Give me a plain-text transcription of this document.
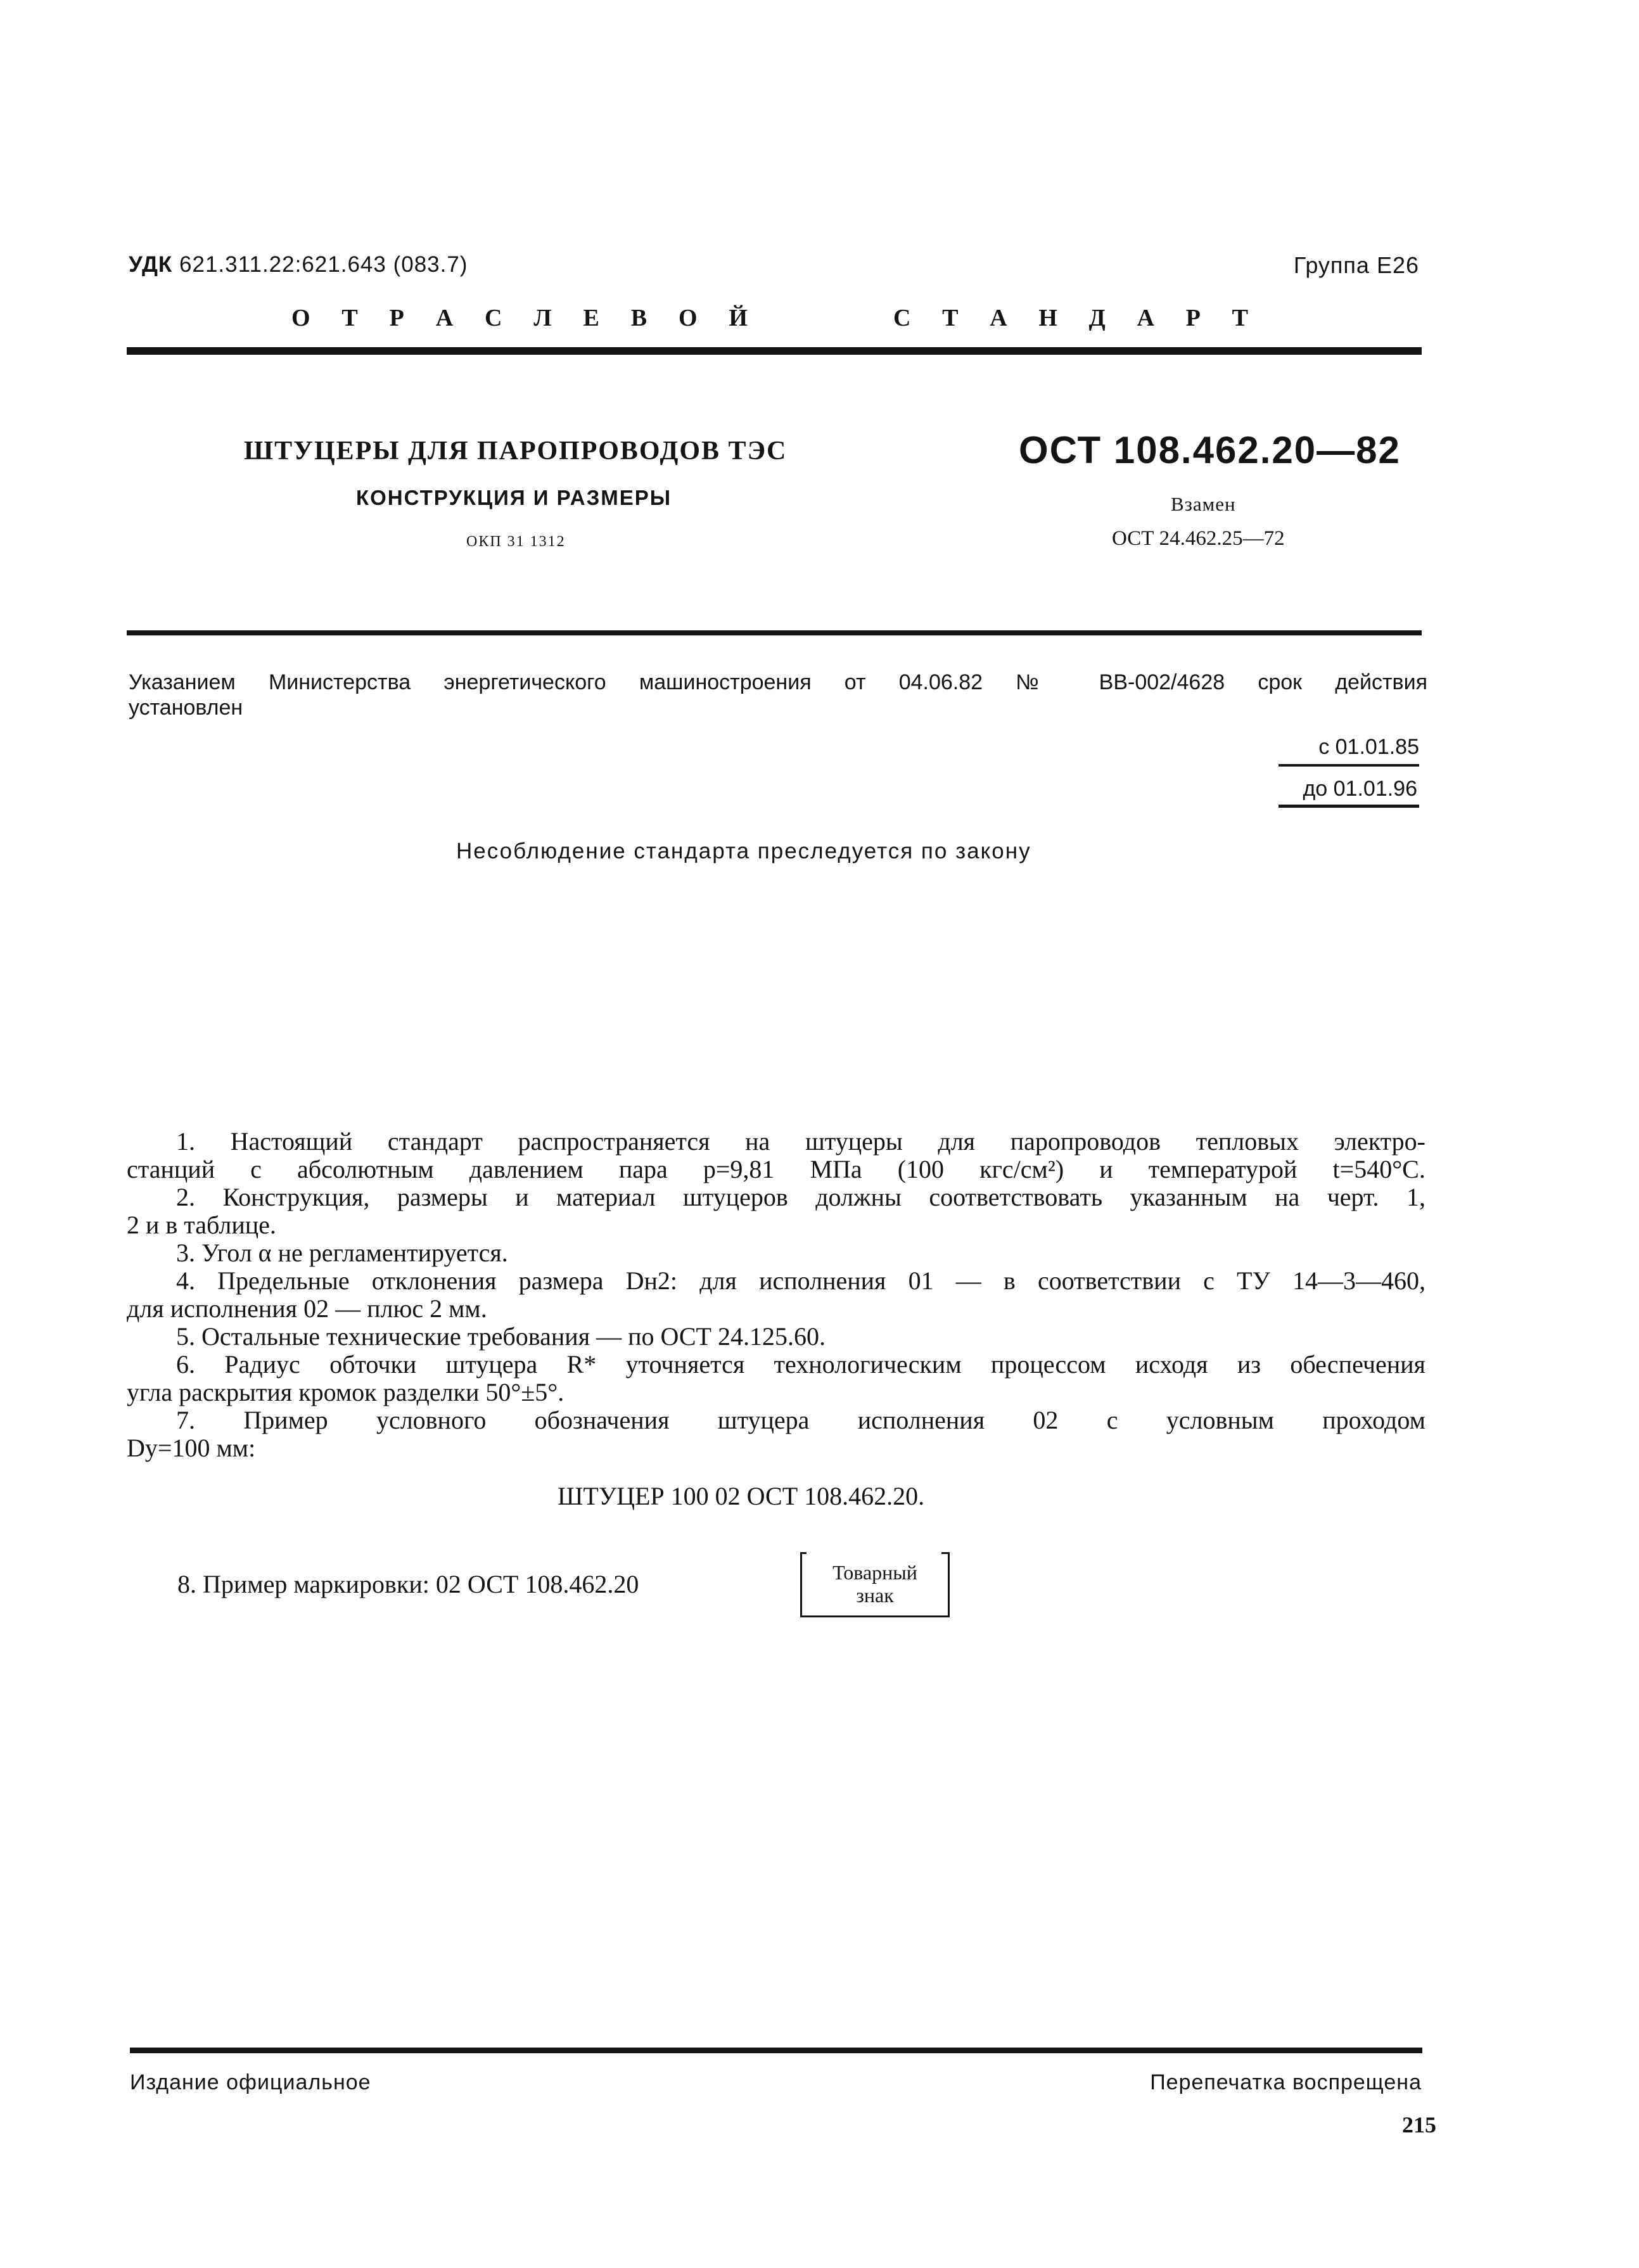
УДК 621.311.22:621.643 (083.7)	Группа Е26
О Т Р А С Л Е В О Й	С Т А Н Д А Р Т
ШТУЦЕРЫ ДЛЯ ПАРОПРОВОДОВ ТЭС
КОНСТРУКЦИЯ И РАЗМЕРЫ
ОКП 31 1312
ОСТ 108.462.20—82
Взамен
ОСТ 24.462.25—72
Указанием Министерства энергетического машиностроения от 04.06.82 № ВВ-002/4628 срок действия
установлен
с 01.01.85
до 01.01.96
Несоблюдение стандарта преследуется по закону
1. Настоящий стандарт распространяется на штуцеры для паропроводов тепловых электро-
станций с абсолютным давлением пара p=9,81 МПа (100 кгс/см²) и температурой t=540°С.
2. Конструкция, размеры и материал штуцеров должны соответствовать указанным на черт. 1,
2 и в таблице.
3. Угол α не регламентируется.
4. Предельные отклонения размера Dн2: для исполнения 01 — в соответствии с ТУ 14—3—460,
для исполнения 02 — плюс 2 мм.
5. Остальные технические требования — по ОСТ 24.125.60.
6. Радиус обточки штуцера R* уточняется технологическим процессом исходя из обеспечения
угла раскрытия кромок разделки 50°±5°.
7. Пример условного обозначения штуцера исполнения 02 с условным проходом
Dy=100 мм:
ШТУЦЕР 100 02 ОСТ 108.462.20.
8. Пример маркировки: 02 ОСТ 108.462.20	Товарный
знак
Издание официальное	Перепечатка воспрещена
215
